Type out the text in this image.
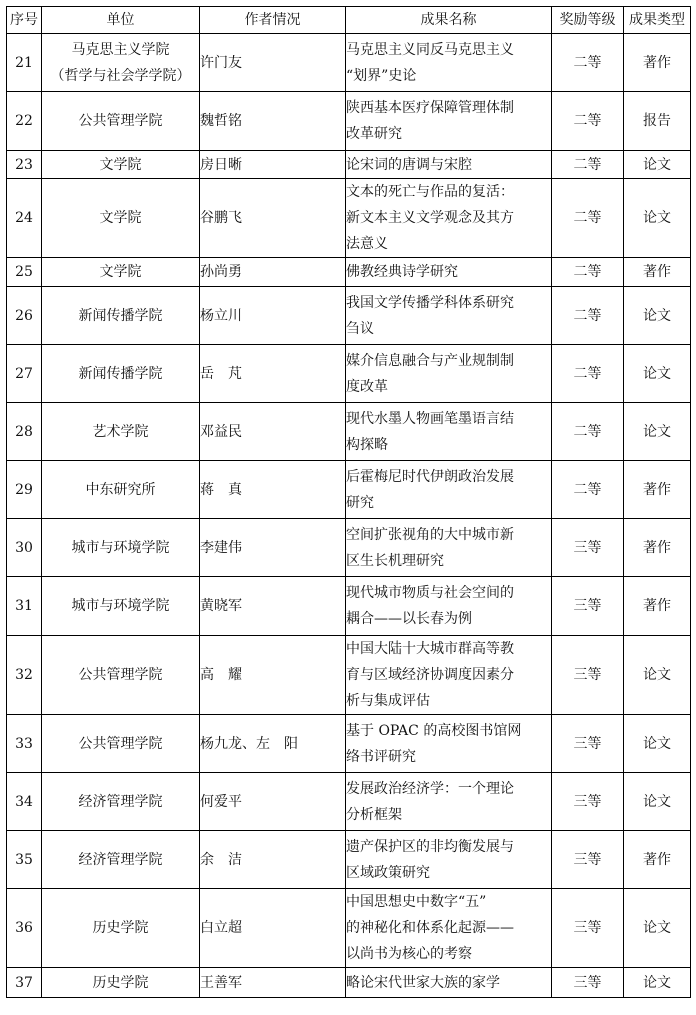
序号	单位	作者情况	成果名称	奖励等级	成果类型
21	马克思主义学院
（哲学与社会学学院）	许门友	马克思主义同反马克思主义
“划界”史论	二等	著作
22	公共管理学院	魏哲铭	陕西基本医疗保障管理体制
改革研究	二等	报告
23	文学院	房日晰	论宋词的唐调与宋腔	二等	论文
24	文学院	谷鹏飞	文本的死亡与作品的复活：
新文本主义文学观念及其方
法意义	二等	论文
25	文学院	孙尚勇	佛教经典诗学研究	二等	著作
26	新闻传播学院	杨立川	我国文学传播学科体系研究
刍议	二等	论文
27	新闻传播学院	岳　芃	媒介信息融合与产业规制制
度改革	二等	论文
28	艺术学院	邓益民	现代水墨人物画笔墨语言结
构探略	二等	论文
29	中东研究所	蒋　真	后霍梅尼时代伊朗政治发展
研究	二等	著作
30	城市与环境学院	李建伟	空间扩张视角的大中城市新
区生长机理研究	三等	著作
31	城市与环境学院	黄晓军	现代城市物质与社会空间的
耦合——以长春为例	三等	著作
32	公共管理学院	高　耀	中国大陆十大城市群高等教
育与区域经济协调度因素分
析与集成评估	三等	论文
33	公共管理学院	杨九龙、左　阳	基于 OPAC 的高校图书馆网
络书评研究	三等	论文
34	经济管理学院	何爱平	发展政治经济学：一个理论
分析框架	三等	论文
35	经济管理学院	余　洁	遗产保护区的非均衡发展与
区域政策研究	三等	著作
36	历史学院	白立超	中国思想史中数字“五”
的神秘化和体系化起源——
以尚书为核心的考察	三等	论文
37	历史学院	王善军	略论宋代世家大族的家学	三等	论文
